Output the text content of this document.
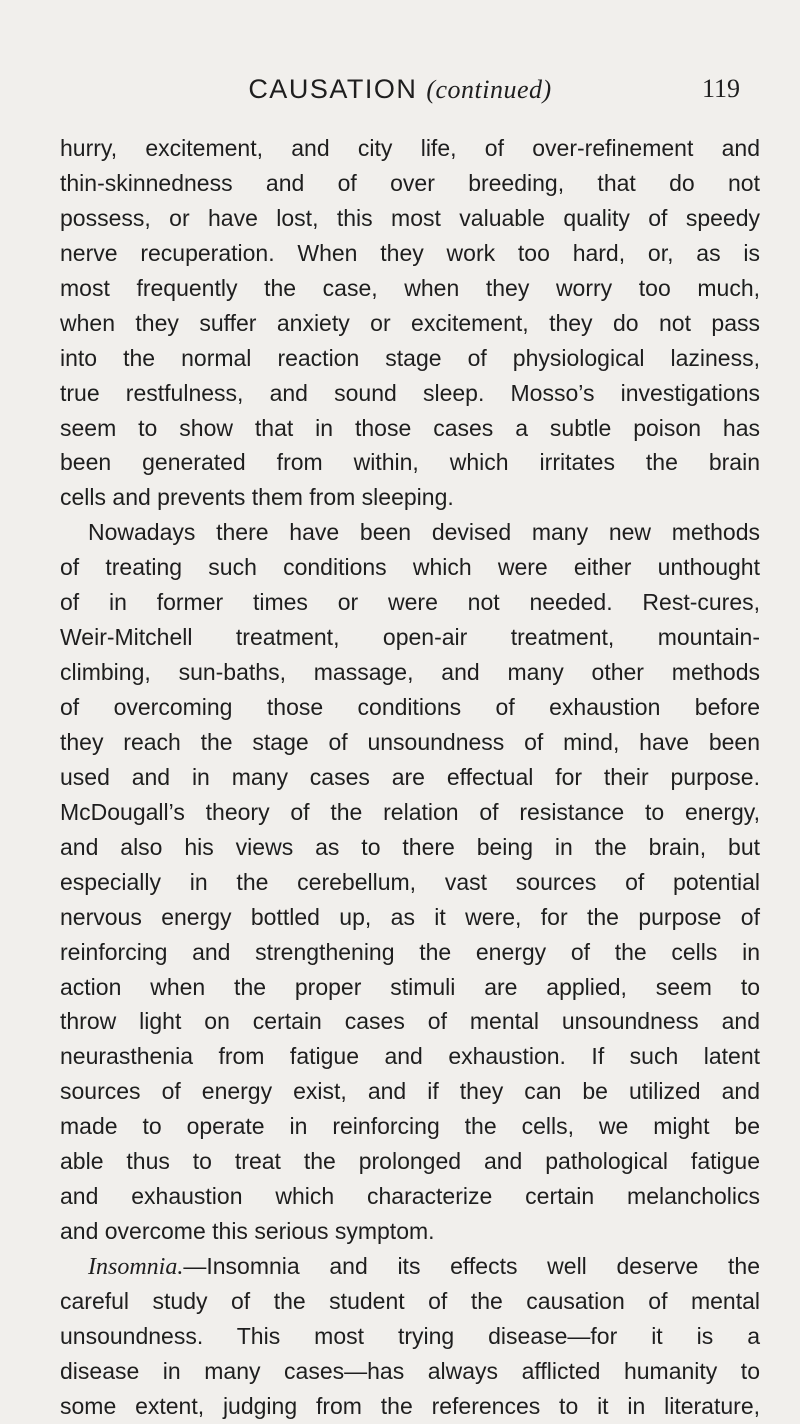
CAUSATION (continued)	119
hurry, excitement, and city life, of over-refinement and
thin-skinnedness and of over breeding, that do not
possess, or have lost, this most valuable quality of speedy
nerve recuperation. When they work too hard, or, as is
most frequently the case, when they worry too much,
when they suffer anxiety or excitement, they do not pass
into the normal reaction stage of physiological laziness,
true restfulness, and sound sleep. Mosso’s investigations
seem to show that in those cases a subtle poison has
been generated from within, which irritates the brain
cells and prevents them from sleeping.
Nowadays there have been devised many new methods
of treating such conditions which were either unthought
of in former times or were not needed. Rest-cures,
Weir-Mitchell treatment, open-air treatment, mountain-
climbing, sun-baths, massage, and many other methods
of overcoming those conditions of exhaustion before
they reach the stage of unsoundness of mind, have been
used and in many cases are effectual for their purpose.
McDougall’s theory of the relation of resistance to energy,
and also his views as to there being in the brain, but
especially in the cerebellum, vast sources of potential
nervous energy bottled up, as it were, for the purpose of
reinforcing and strengthening the energy of the cells in
action when the proper stimuli are applied, seem to
throw light on certain cases of mental unsoundness and
neurasthenia from fatigue and exhaustion. If such latent
sources of energy exist, and if they can be utilized and
made to operate in reinforcing the cells, we might be
able thus to treat the prolonged and pathological fatigue
and exhaustion which characterize certain melancholics
and overcome this serious symptom.
Insomnia.—Insomnia and its effects well deserve the
careful study of the student of the causation of mental
unsoundness. This most trying disease—for it is a
disease in many cases—has always afflicted humanity to
some extent, judging from the references to it in literature,
